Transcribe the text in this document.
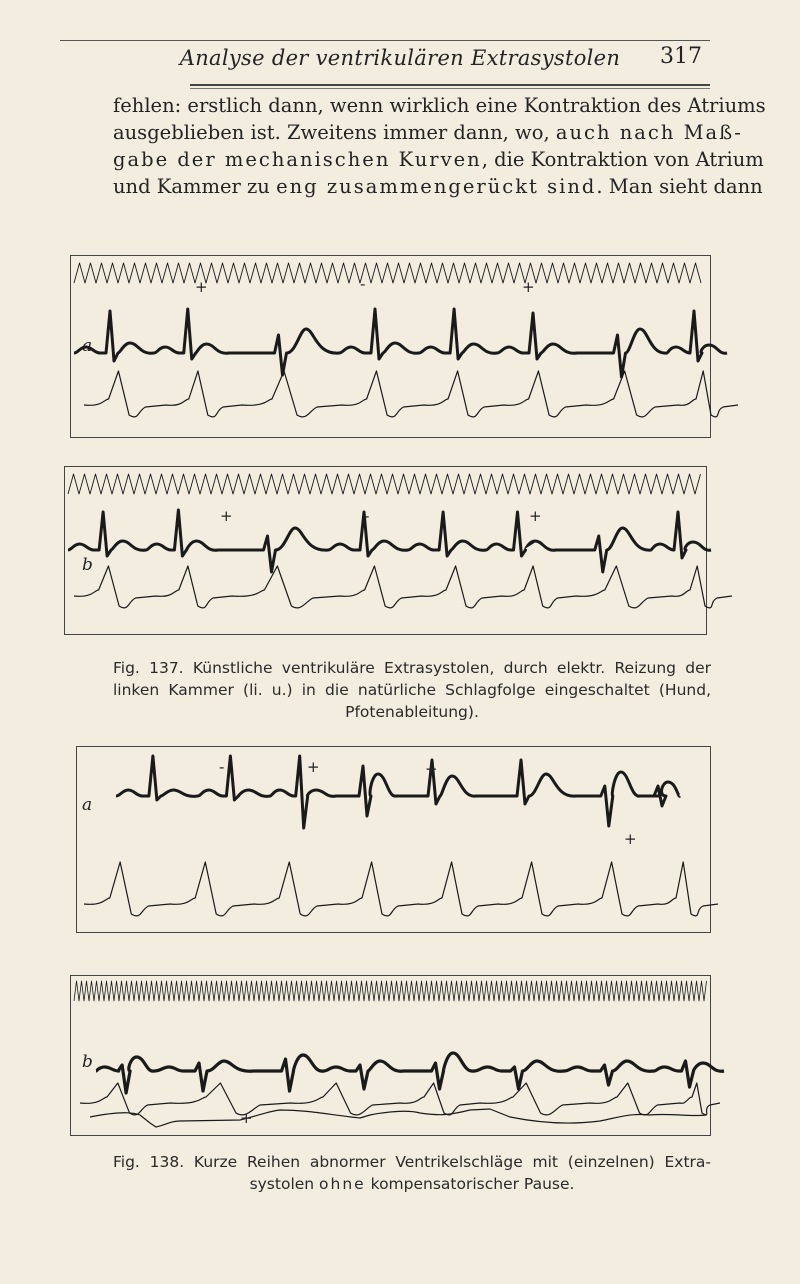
Analyse der ventrikulären Extrasystolen	317

fehlen: erstlich dann, wenn wirklich eine Kontraktion des Atriums

ausgeblieben ist. Zweitens immer dann, wo, auch nach Maß-

gabe der mechanischen Kurven, die Kontraktion von Atrium

und Kammer zu eng zusammengerückt sind. Man sieht dann

a
+	-	+
b
+	-	+

Fig. 137. Künstliche ventrikuläre Extrasystolen, durch elektr. Reizung der

linken Kammer (li. u.) in die natürliche Schlagfolge eingeschaltet (Hund,

Pfotenableitung).

a
-	+	+
+
b
+

Fig. 138. Kurze Reihen abnormer Ventrikelschläge mit (einzelnen) Extra-

systolen ohne kompensatorischer Pause.
